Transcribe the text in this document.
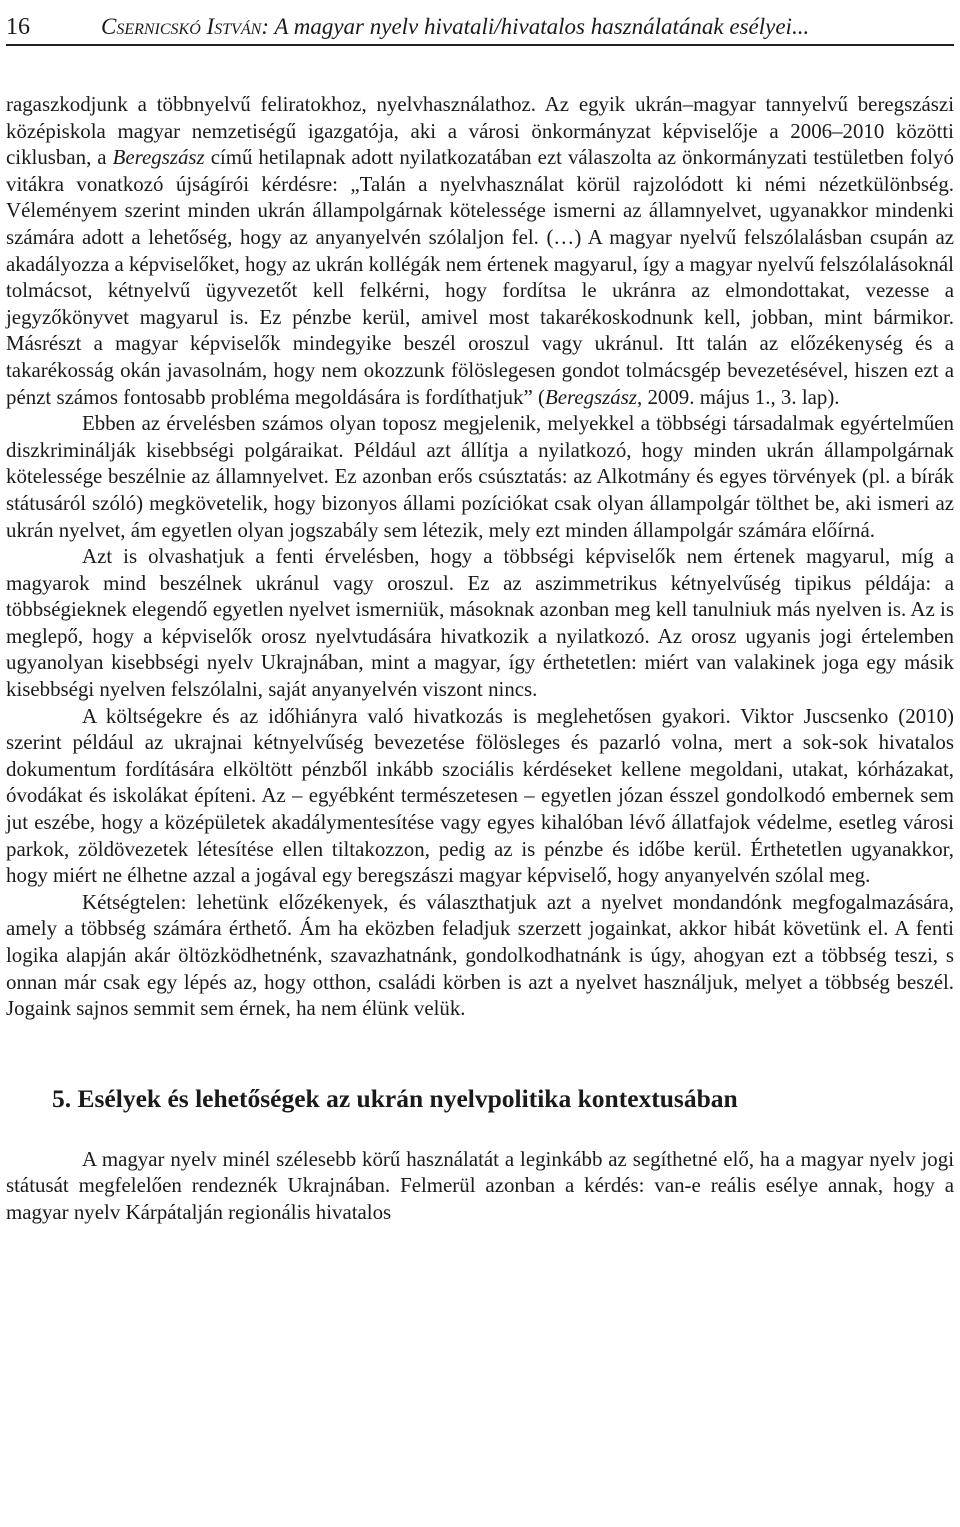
16	Csernicskó István: A magyar nyelv hivatali/hivatalos használatának esélyei...

ragaszkodjunk a többnyelvű feliratokhoz, nyelvhasználathoz. Az egyik ukrán–magyar tannyelvű beregszászi középiskola magyar nemzetiségű igazgatója, aki a városi önkormányzat képviselője a 2006–2010 közötti ciklusban, a Beregszász című hetilapnak adott nyilatkozatában ezt válaszolta az önkormányzati testületben folyó vitákra vonatkozó újságírói kérdésre: „Talán a nyelvhasználat körül rajzolódott ki némi nézetkülönbség. Véleményem szerint minden ukrán állampolgárnak kötelessége ismerni az államnyelvet, ugyanakkor mindenki számára adott a lehetőség, hogy az anyanyelvén szólaljon fel. (…) A magyar nyelvű felszólalásban csupán az akadályozza a képviselőket, hogy az ukrán kollégák nem értenek magyarul, így a magyar nyelvű felszólalásoknál tolmácsot, kétnyelvű ügyvezetőt kell felkérni, hogy fordítsa le ukránra az elmondottakat, vezesse a jegyzőkönyvet magyarul is. Ez pénzbe kerül, amivel most takarékoskodnunk kell, jobban, mint bármikor. Másrészt a magyar képviselők mindegyike beszél oroszul vagy ukránul. Itt talán az előzékenység és a takarékosság okán javasolnám, hogy nem okozzunk fölöslegesen gondot tolmácsgép bevezetésével, hiszen ezt a pénzt számos fontosabb probléma megoldására is fordíthatjuk” (Beregszász, 2009. május 1., 3. lap).

Ebben az érvelésben számos olyan toposz megjelenik, melyekkel a többségi társadalmak egyértelműen diszkriminálják kisebbségi polgáraikat. Például azt állítja a nyilatkozó, hogy minden ukrán állampolgárnak kötelessége beszélnie az államnyelvet. Ez azonban erős csúsztatás: az Alkotmány és egyes törvények (pl. a bírák státusáról szóló) megkövetelik, hogy bizonyos állami pozíciókat csak olyan állampolgár tölthet be, aki ismeri az ukrán nyelvet, ám egyetlen olyan jogszabály sem létezik, mely ezt minden állampolgár számára előírná.

Azt is olvashatjuk a fenti érvelésben, hogy a többségi képviselők nem értenek magyarul, míg a magyarok mind beszélnek ukránul vagy oroszul. Ez az aszimmetrikus kétnyelvűség tipikus példája: a többségieknek elegendő egyetlen nyelvet ismerniük, másoknak azonban meg kell tanulniuk más nyelven is. Az is meglepő, hogy a képviselők orosz nyelvtudására hivatkozik a nyilatkozó. Az orosz ugyanis jogi értelemben ugyanolyan kisebbségi nyelv Ukrajnában, mint a magyar, így érthetetlen: miért van valakinek joga egy másik kisebbségi nyelven felszólalni, saját anyanyelvén viszont nincs.

A költségekre és az időhiányra való hivatkozás is meglehetősen gyakori. Viktor Juscsenko (2010) szerint például az ukrajnai kétnyelvűség bevezetése fölösleges és pazarló volna, mert a sok-sok hivatalos dokumentum fordítására elköltött pénzből inkább szociális kérdéseket kellene megoldani, utakat, kórházakat, óvodákat és iskolákat építeni. Az – egyébként természetesen – egyetlen józan ésszel gondolkodó embernek sem jut eszébe, hogy a középületek akadálymentesítése vagy egyes kihalóban lévő állatfajok védelme, esetleg városi parkok, zöldövezetek létesítése ellen tiltakozzon, pedig az is pénzbe és időbe kerül. Érthetetlen ugyanakkor, hogy miért ne élhetne azzal a jogával egy beregszászi magyar képviselő, hogy anyanyelvén szólal meg.

Kétségtelen: lehetünk előzékenyek, és választhatjuk azt a nyelvet mondandónk megfogalmazására, amely a többség számára érthető. Ám ha eközben feladjuk szerzett jogainkat, akkor hibát követünk el. A fenti logika alapján akár öltözködhetnénk, szavazhatnánk, gondolkodhatnánk is úgy, ahogyan ezt a többség teszi, s onnan már csak egy lépés az, hogy otthon, családi körben is azt a nyelvet használjuk, melyet a többség beszél. Jogaink sajnos semmit sem érnek, ha nem élünk velük.

5. Esélyek és lehetőségek az ukrán nyelvpolitika kontextusában

A magyar nyelv minél szélesebb körű használatát a leginkább az segíthetné elő, ha a magyar nyelv jogi státusát megfelelően rendeznék Ukrajnában. Felmerül azonban a kérdés: van-e reális esélye annak, hogy a magyar nyelv Kárpátalján regionális hivatalos
